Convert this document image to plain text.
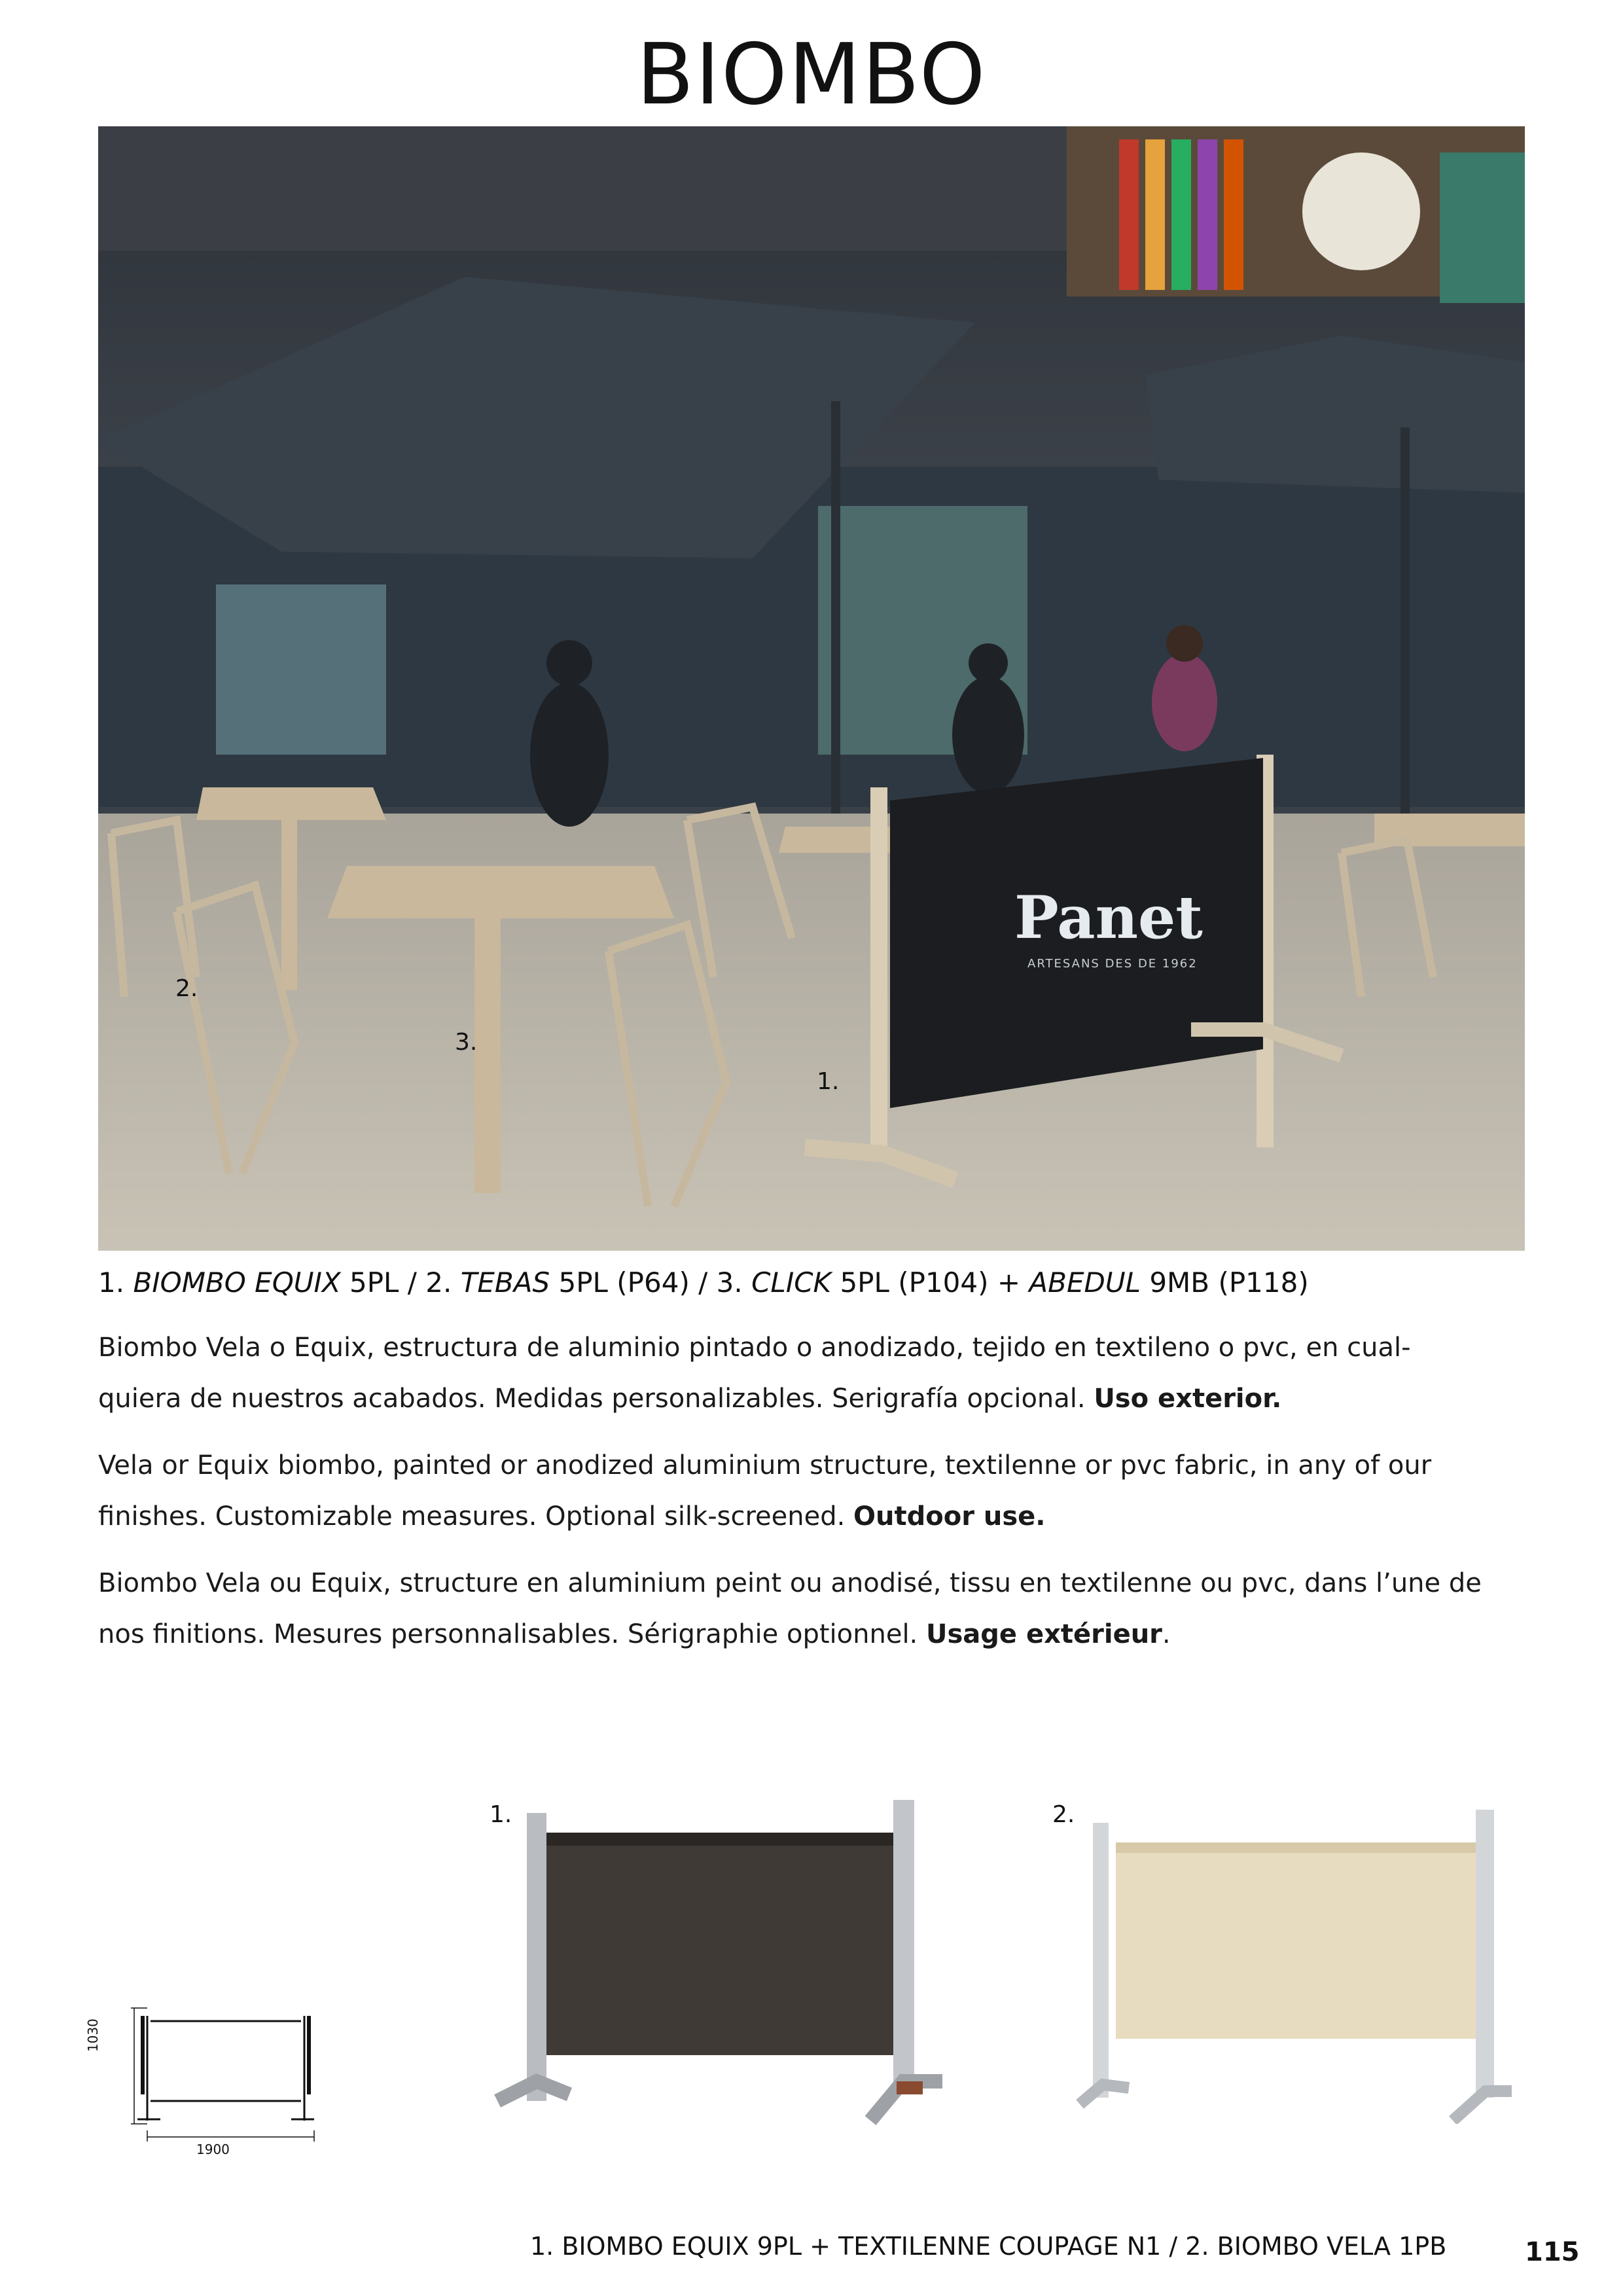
BIOMBO
Panet
ARTESANS DES DE 1962
2.
3.
1.
1. BIOMBO EQUIX 5PL / 2. TEBAS 5PL (P64) / 3. CLICK 5PL (P104) + ABEDUL 9MB (P118)
Biombo Vela o Equix, estructura de aluminio pintado o anodizado, tejido en textileno o pvc, en cual-
quiera de nuestros acabados. Medidas personalizables. Serigrafía opcional. Uso exterior.
Vela or Equix biombo, painted or anodized aluminium structure, textilenne or pvc fabric, in any of our
finishes. Customizable measures. Optional silk-screened. Outdoor use.
Biombo Vela ou Equix, structure en aluminium peint ou anodisé, tissu en textilenne ou pvc, dans l’une de
nos finitions. Mesures personnalisables. Sérigraphie optionnel. Usage extérieur.
1900
1030
1.	2.
1. BIOMBO EQUIX 9PL + TEXTILENNE COUPAGE N1 / 2. BIOMBO VELA 1PB	115
